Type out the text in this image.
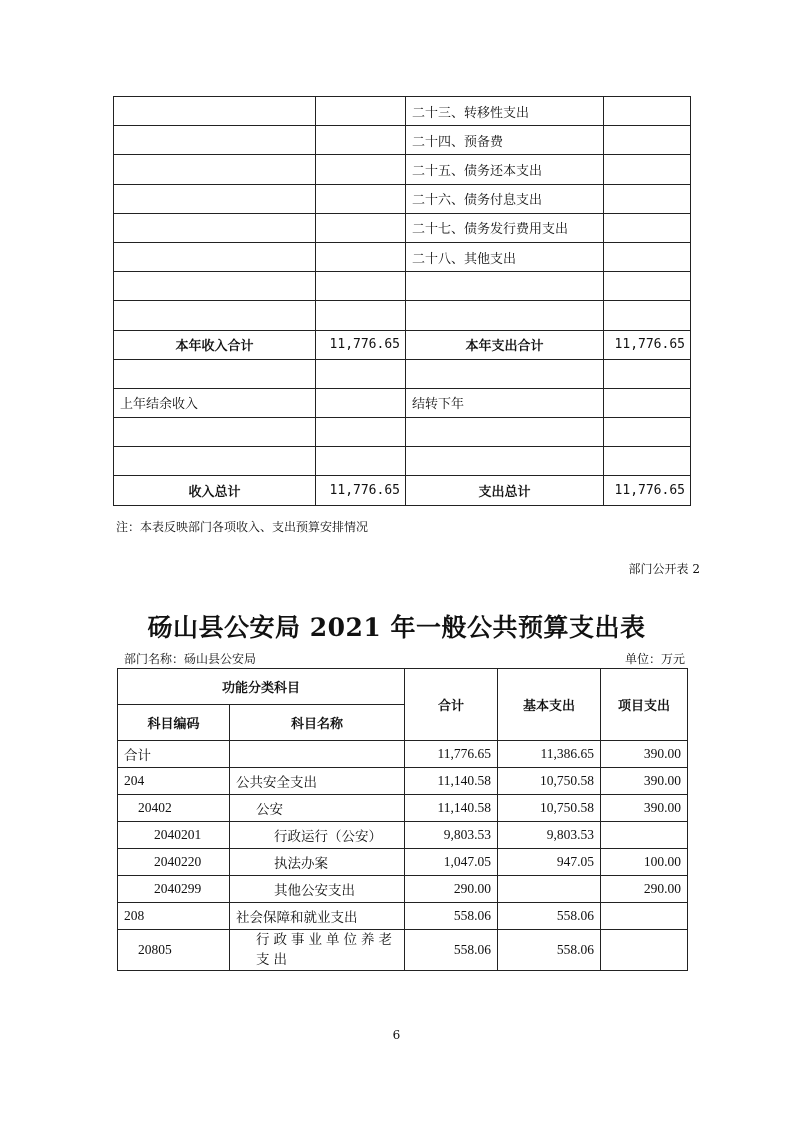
		二十三、转移性支出	
		二十四、预备费	
		二十五、债务还本支出	
		二十六、债务付息支出	
		二十七、债务发行费用支出	
		二十八、其他支出	

本年收入合计	11,776.65	本年支出合计	11,776.65

上年结余收入		结转下年	

收入总计	11,776.65	支出总计	11,776.65
注：本表反映部门各项收入、支出预算安排情况
部门公开表 2
砀山县公安局 2021 年一般公共预算支出表
部门名称：砀山县公安局	单位：万元
功能分类科目		合计	基本支出	项目支出
科目编码	科目名称			
合计		11,776.65	11,386.65	390.00
204	公共安全支出	11,140.58	10,750.58	390.00
20402	公安	11,140.58	10,750.58	390.00
2040201	行政运行（公安）	9,803.53	9,803.53	
2040220	执法办案	1,047.05	947.05	100.00
2040299	其他公安支出	290.00		290.00
208	社会保障和就业支出	558.06	558.06	
20805	行政事业单位养老支出	558.06	558.06	
6
